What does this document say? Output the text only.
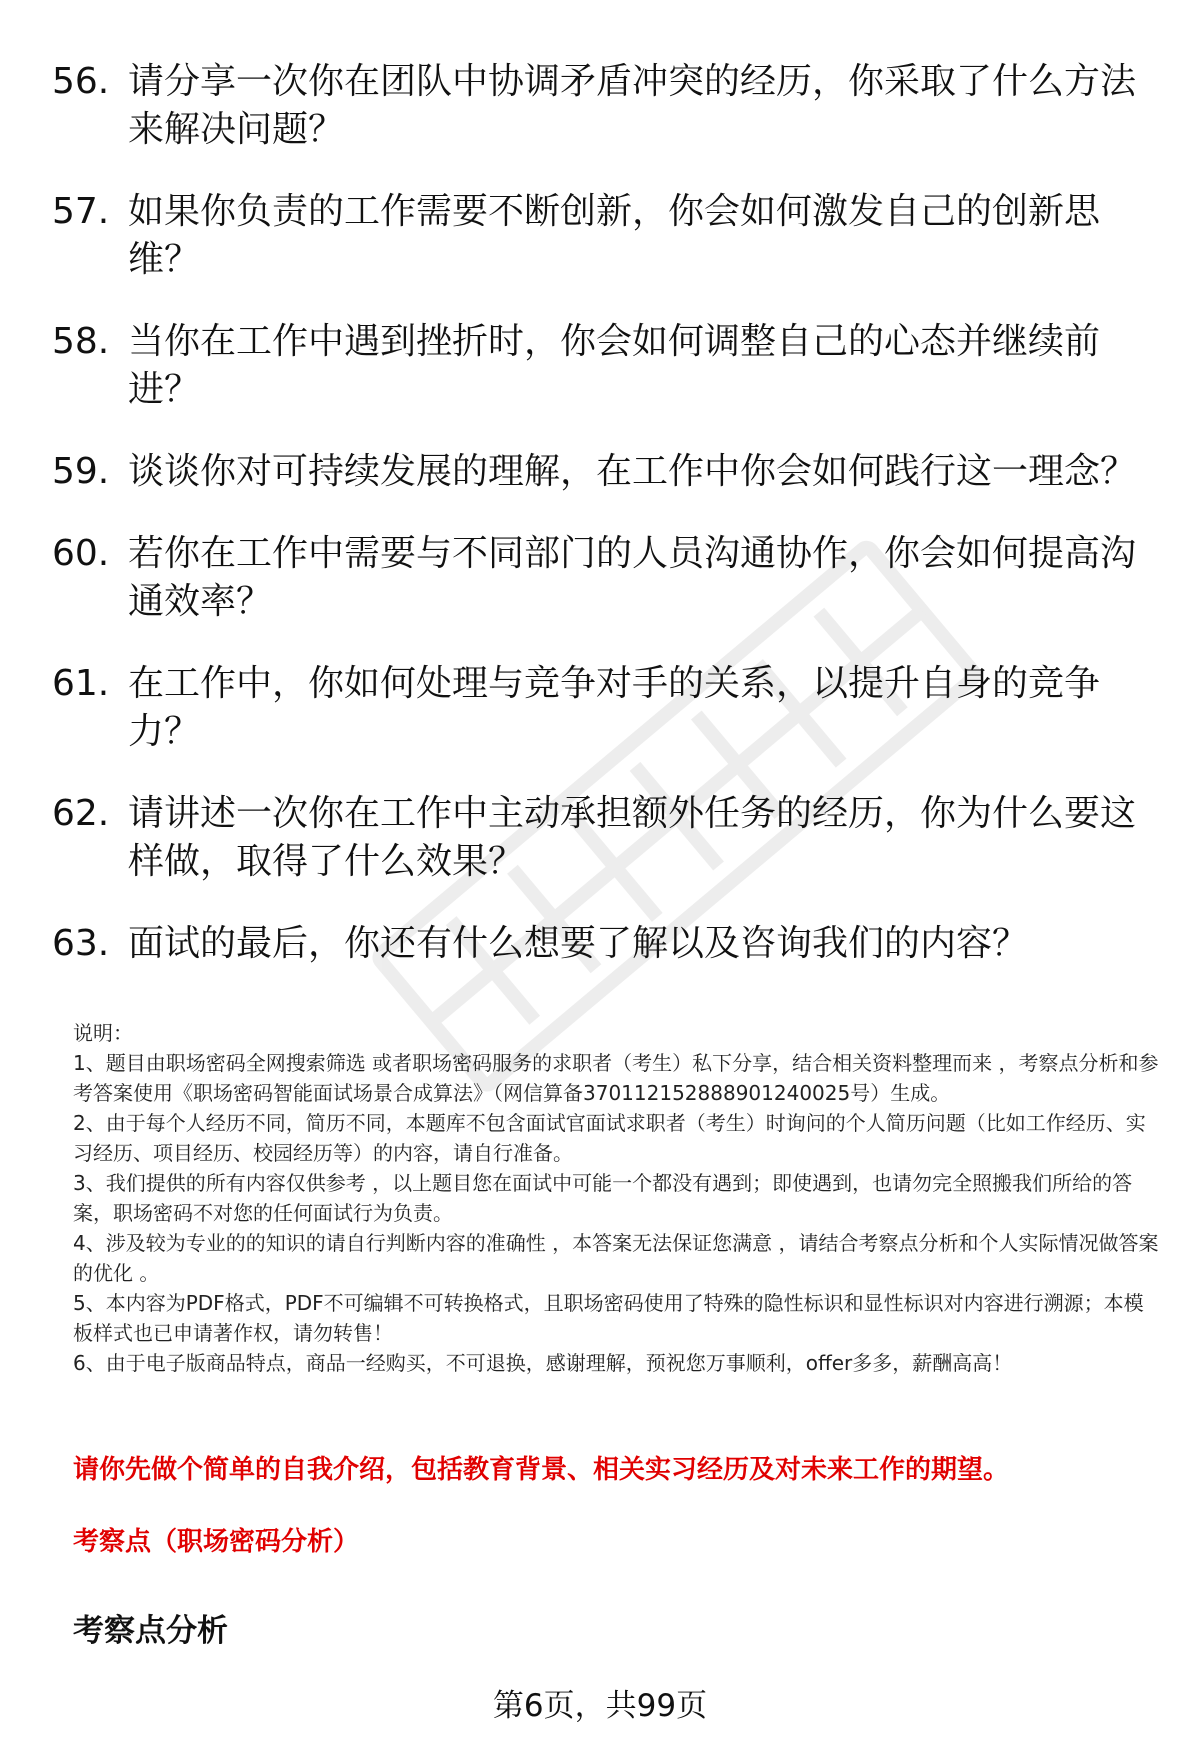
56. 请分享一次你在团队中协调矛盾冲突的经历，你采取了什么方法来解决问题？
57. 如果你负责的工作需要不断创新，你会如何激发自己的创新思维？
58. 当你在工作中遇到挫折时，你会如何调整自己的心态并继续前进？
59. 谈谈你对可持续发展的理解，在工作中你会如何践行这一理念？
60. 若你在工作中需要与不同部门的人员沟通协作，你会如何提高沟通效率？
61. 在工作中，你如何处理与竞争对手的关系，以提升自身的竞争力？
62. 请讲述一次你在工作中主动承担额外任务的经历，你为什么要这样做，取得了什么效果？
63. 面试的最后，你还有什么想要了解以及咨询我们的内容？

说明：

1、题目由职场密码全网搜索筛选 或者职场密码服务的求职者（考生）私下分享，结合相关资料整理而来 ，考察点分析和参考答案使用《职场密码智能面试场景合成算法》（网信算备370112152888901240025号）生成。

2、由于每个人经历不同，简历不同，本题库不包含面试官面试求职者（考生）时询问的个人简历问题（比如工作经历、实习经历、项目经历、校园经历等）的内容，请自行准备。

3、我们提供的所有内容仅供参考 ，以上题目您在面试中可能一个都没有遇到；即使遇到，也请勿完全照搬我们所给的答案，职场密码不对您的任何面试行为负责。

4、涉及较为专业的的知识的请自行判断内容的准确性 ，本答案无法保证您满意 ，请结合考察点分析和个人实际情况做答案的优化 。

5、本内容为PDF格式，PDF不可编辑不可转换格式，且职场密码使用了特殊的隐性标识和显性标识对内容进行溯源；本模板样式也已申请著作权，请勿转售！

6、由于电子版商品特点，商品一经购买，不可退换，感谢理解，预祝您万事顺利，offer多多，薪酬高高！

请你先做个简单的自我介绍，包括教育背景、相关实习经历及对未来工作的期望。
考察点（职场密码分析）
考察点分析
第6页，共99页
